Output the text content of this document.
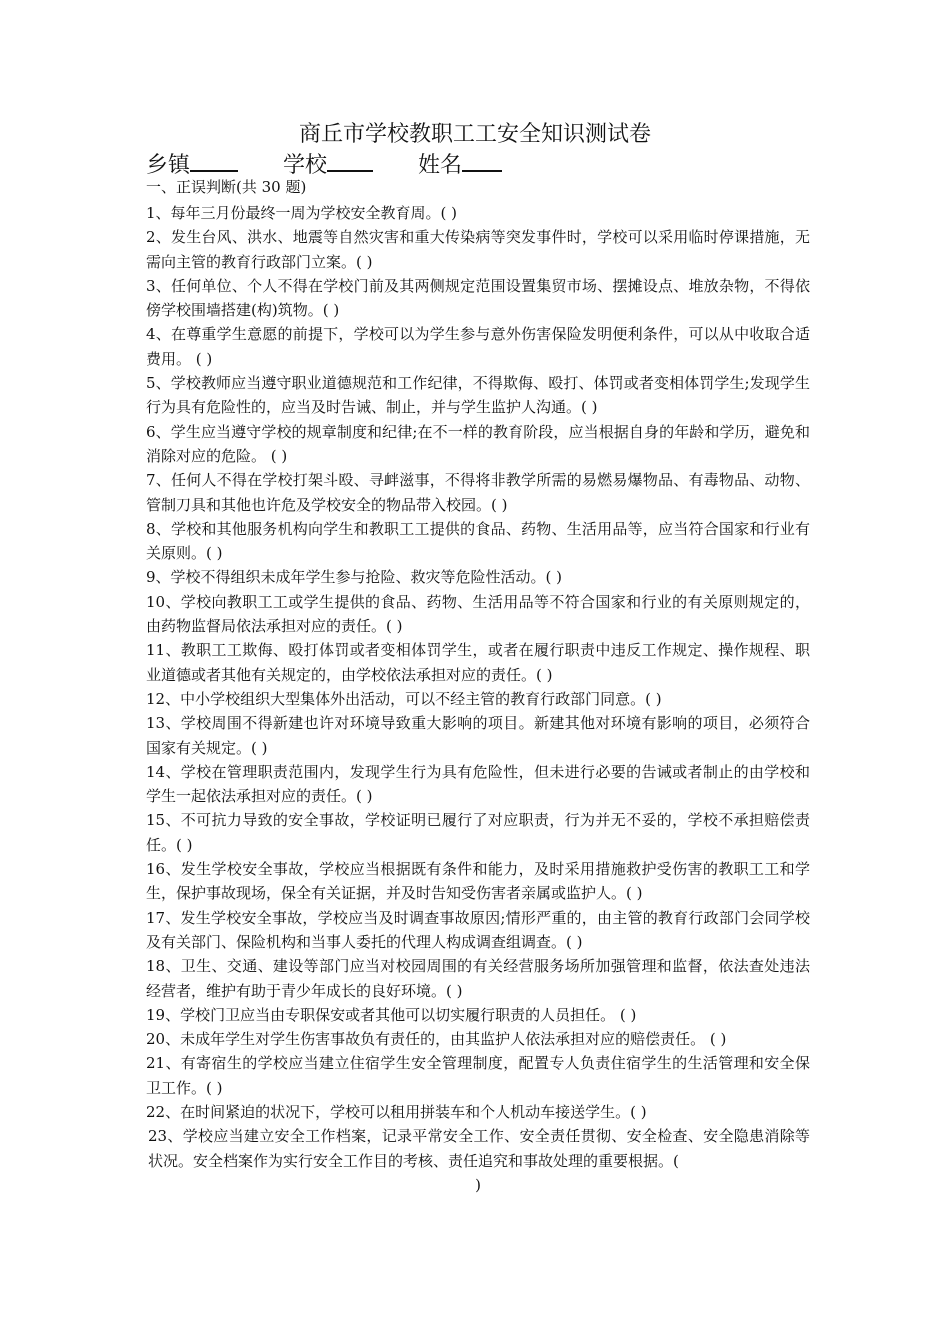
商丘市学校教职工工安全知识测试卷
乡镇	学校	姓名
一、正误判断(共 30 题)

1、每年三月份最终一周为学校安全教育周。( )

2、发生台风、洪水、地震等自然灾害和重大传染病等突发事件时，学校可以采用临时停课措施，无需向主管的教育行政部门立案。( )

3、任何单位、个人不得在学校门前及其两侧规定范围设置集贸市场、摆摊设点、堆放杂物，不得依傍学校围墙搭建(构)筑物。( )

4、在尊重学生意愿的前提下，学校可以为学生参与意外伤害保险发明便利条件，可以从中收取合适费用。 ( )

5、学校教师应当遵守职业道德规范和工作纪律，不得欺侮、殴打、体罚或者变相体罚学生;发现学生行为具有危险性的，应当及时告诫、制止，并与学生监护人沟通。( )

6、学生应当遵守学校的规章制度和纪律;在不一样的教育阶段，应当根据自身的年龄和学历，避免和消除对应的危险。 ( )

7、任何人不得在学校打架斗殴、寻衅滋事，不得将非教学所需的易燃易爆物品、有毒物品、动物、管制刀具和其他也许危及学校安全的物品带入校园。( )

8、学校和其他服务机构向学生和教职工工提供的食品、药物、生活用品等，应当符合国家和行业有关原则。( )

9、学校不得组织未成年学生参与抢险、救灾等危险性活动。( )

10、学校向教职工工或学生提供的食品、药物、生活用品等不符合国家和行业的有关原则规定的，由药物监督局依法承担对应的责任。( )

11、教职工工欺侮、殴打体罚或者变相体罚学生，或者在履行职责中违反工作规定、操作规程、职业道德或者其他有关规定的，由学校依法承担对应的责任。( )

12、中小学校组织大型集体外出活动，可以不经主管的教育行政部门同意。( )

13、学校周围不得新建也许对环境导致重大影响的项目。新建其他对环境有影响的项目，必须符合国家有关规定。( )

14、学校在管理职责范围内，发现学生行为具有危险性，但未进行必要的告诫或者制止的由学校和学生一起依法承担对应的责任。( )

15、不可抗力导致的安全事故，学校证明已履行了对应职责，行为并无不妥的，学校不承担赔偿责任。( )

16、发生学校安全事故，学校应当根据既有条件和能力，及时采用措施救护受伤害的教职工工和学生，保护事故现场，保全有关证据，并及时告知受伤害者亲属或监护人。( )

17、发生学校安全事故，学校应当及时调查事故原因;情形严重的，由主管的教育行政部门会同学校及有关部门、保险机构和当事人委托的代理人构成调查组调查。( )

18、卫生、交通、建设等部门应当对校园周围的有关经营服务场所加强管理和监督，依法查处违法经营者，维护有助于青少年成长的良好环境。( )

19、学校门卫应当由专职保安或者其他可以切实履行职责的人员担任。 ( )

20、未成年学生对学生伤害事故负有责任的，由其监护人依法承担对应的赔偿责任。 ( )

21、有寄宿生的学校应当建立住宿学生安全管理制度，配置专人负责住宿学生的生活管理和安全保卫工作。( )

22、在时间紧迫的状况下，学校可以租用拼装车和个人机动车接送学生。( )

23、学校应当建立安全工作档案，记录平常安全工作、安全责任贯彻、安全检查、安全隐患消除等状况。安全档案作为实行安全工作目的考核、责任追究和事故处理的重要根据。(

)
